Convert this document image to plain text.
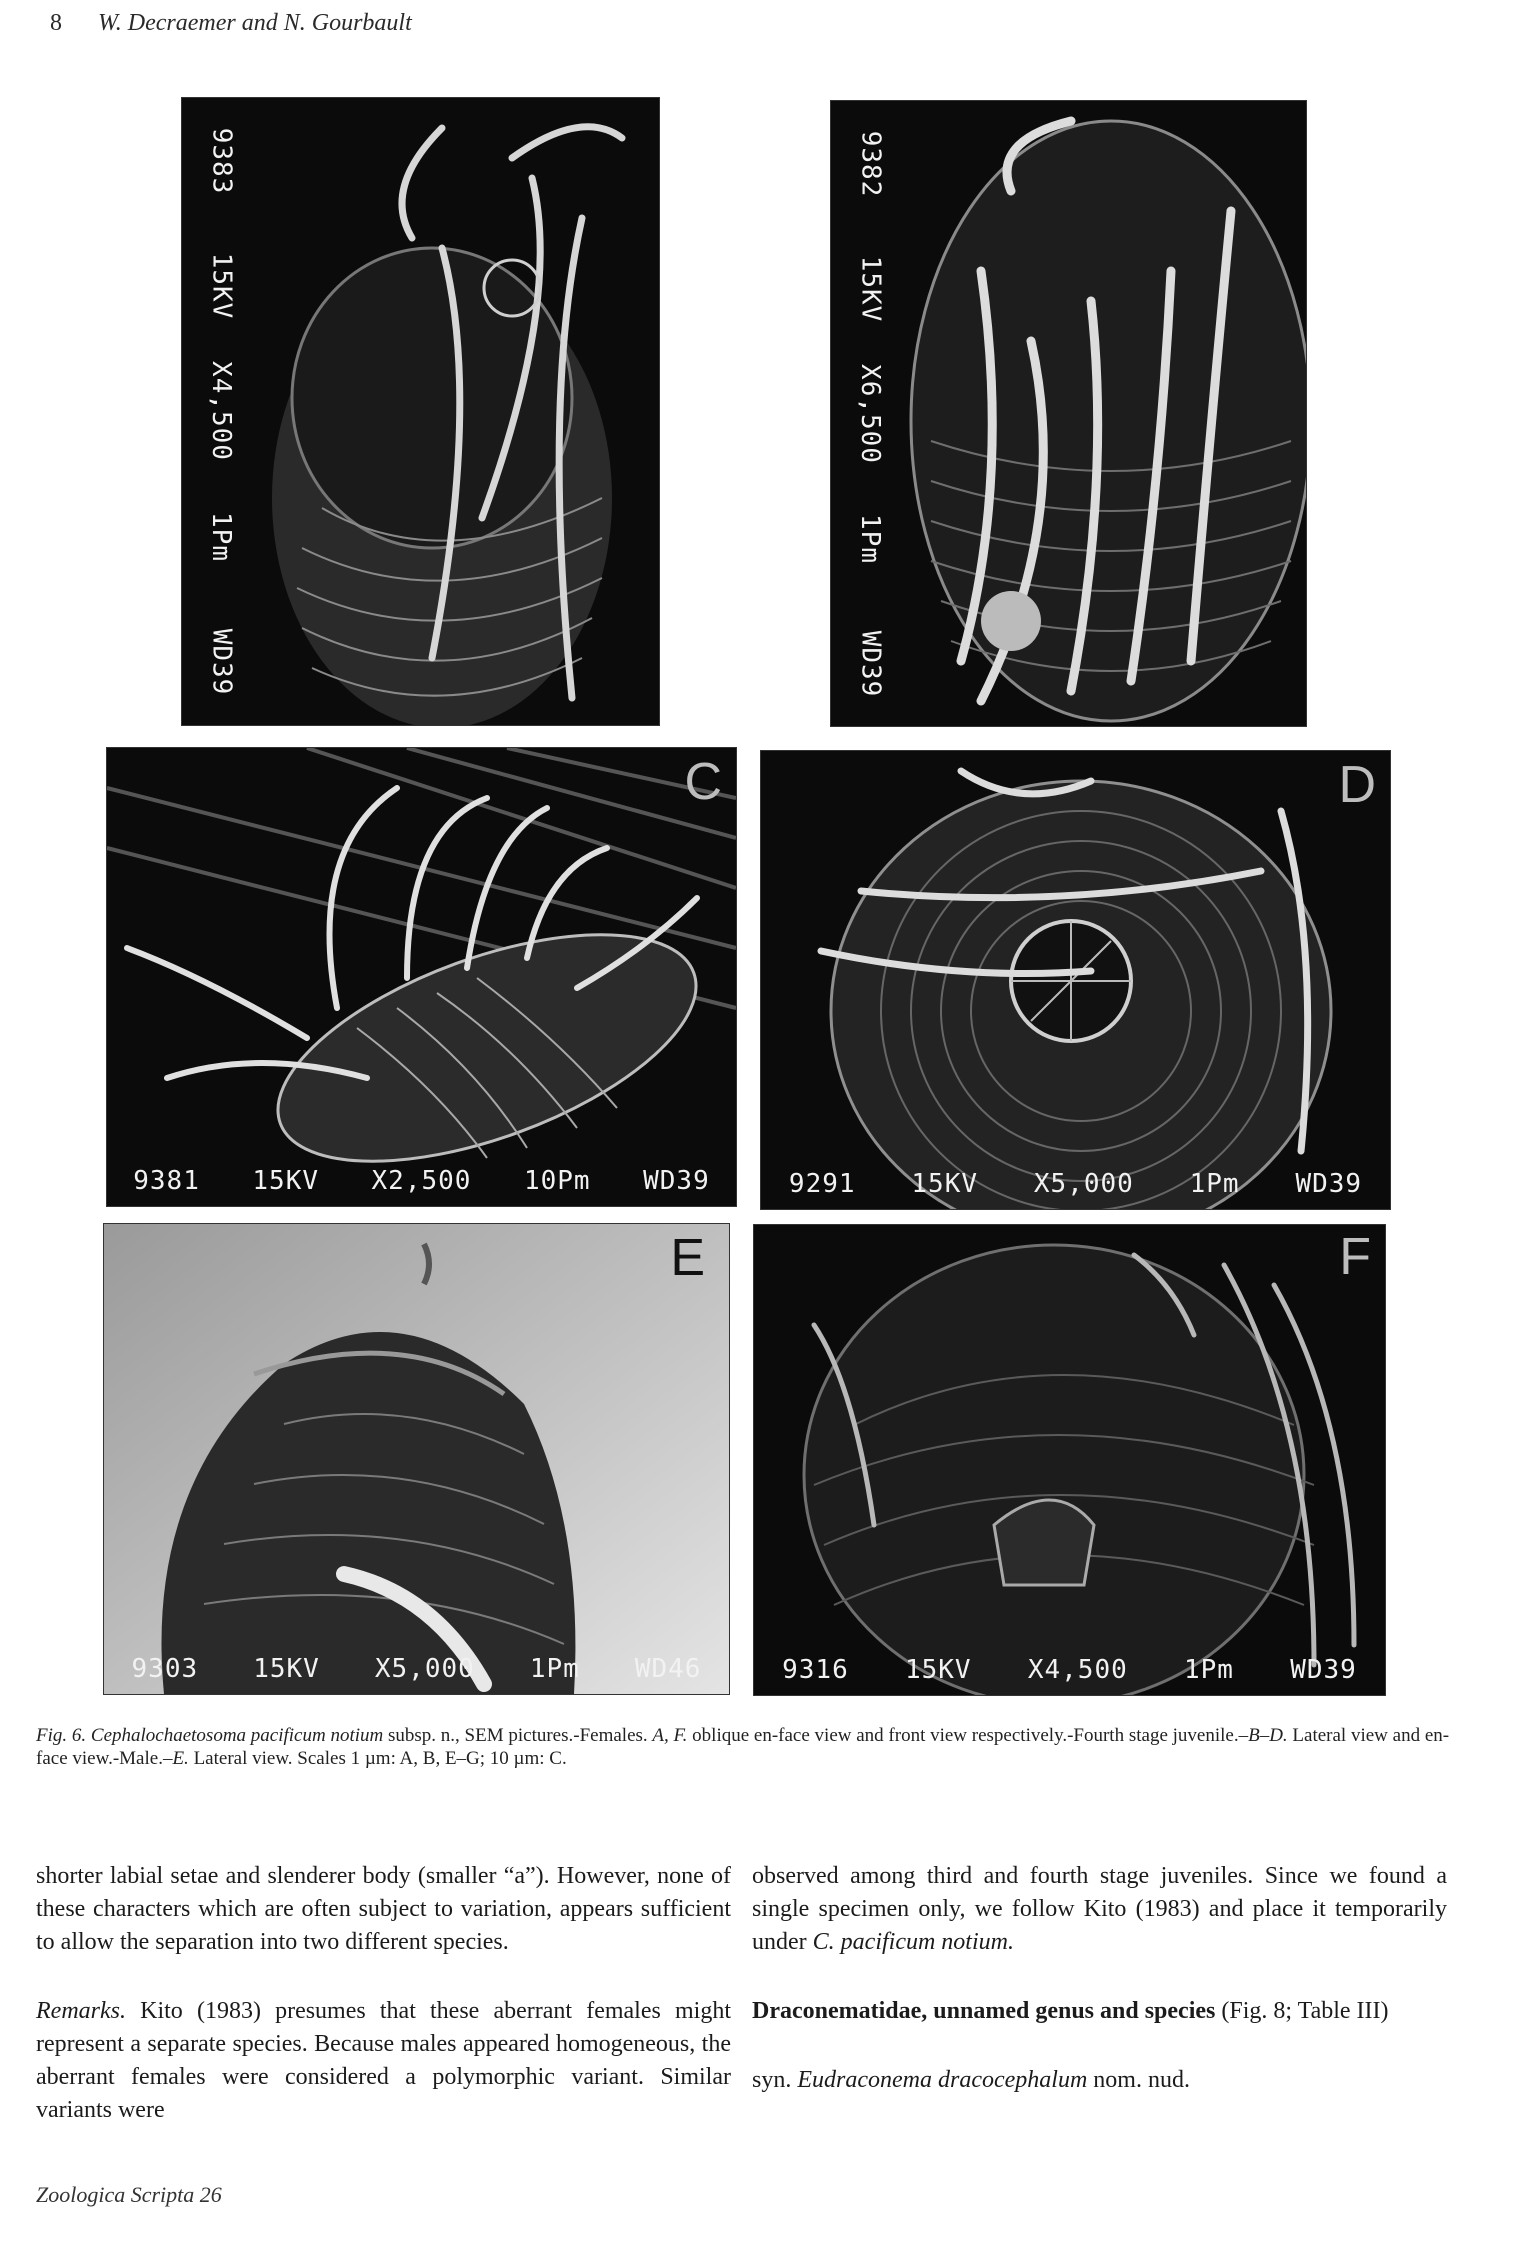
8 W. Decraemer and N. Gourbault
9383
15KV
X4,500
1Pm
WD39
9382
15KV
X6,500
1Pm
WD39
C
9381 15KV X2,500 10Pm WD39
D
9291 15KV X5,000 1Pm WD39
E
9303 15KV X5,000 1Pm WD46
F
9316 15KV X4,500 1Pm WD39
Fig. 6. Cephalochaetosoma pacificum notium subsp. n., SEM pictures.-Females. A, F. oblique en-face view and front view respectively.-Fourth stage juvenile.–B–D. Lateral view and en-face view.-Male.–E. Lateral view. Scales 1 µm: A, B, E–G; 10 µm: C.

shorter labial setae and slenderer body (smaller “a”). However, none of these characters which are often subject to variation, appears sufficient to allow the separation into two different species.

Remarks. Kito (1983) presumes that these aberrant females might represent a separate species. Because males appeared homogeneous, the aberrant females were considered a polymorphic variant. Similar variants were

observed among third and fourth stage juveniles. Since we found a single specimen only, we follow Kito (1983) and place it temporarily under C. pacificum notium.

Draconematidae, unnamed genus and species (Fig. 8; Table III)

syn. Eudraconema dracocephalum nom. nud.

Zoologica Scripta 26
